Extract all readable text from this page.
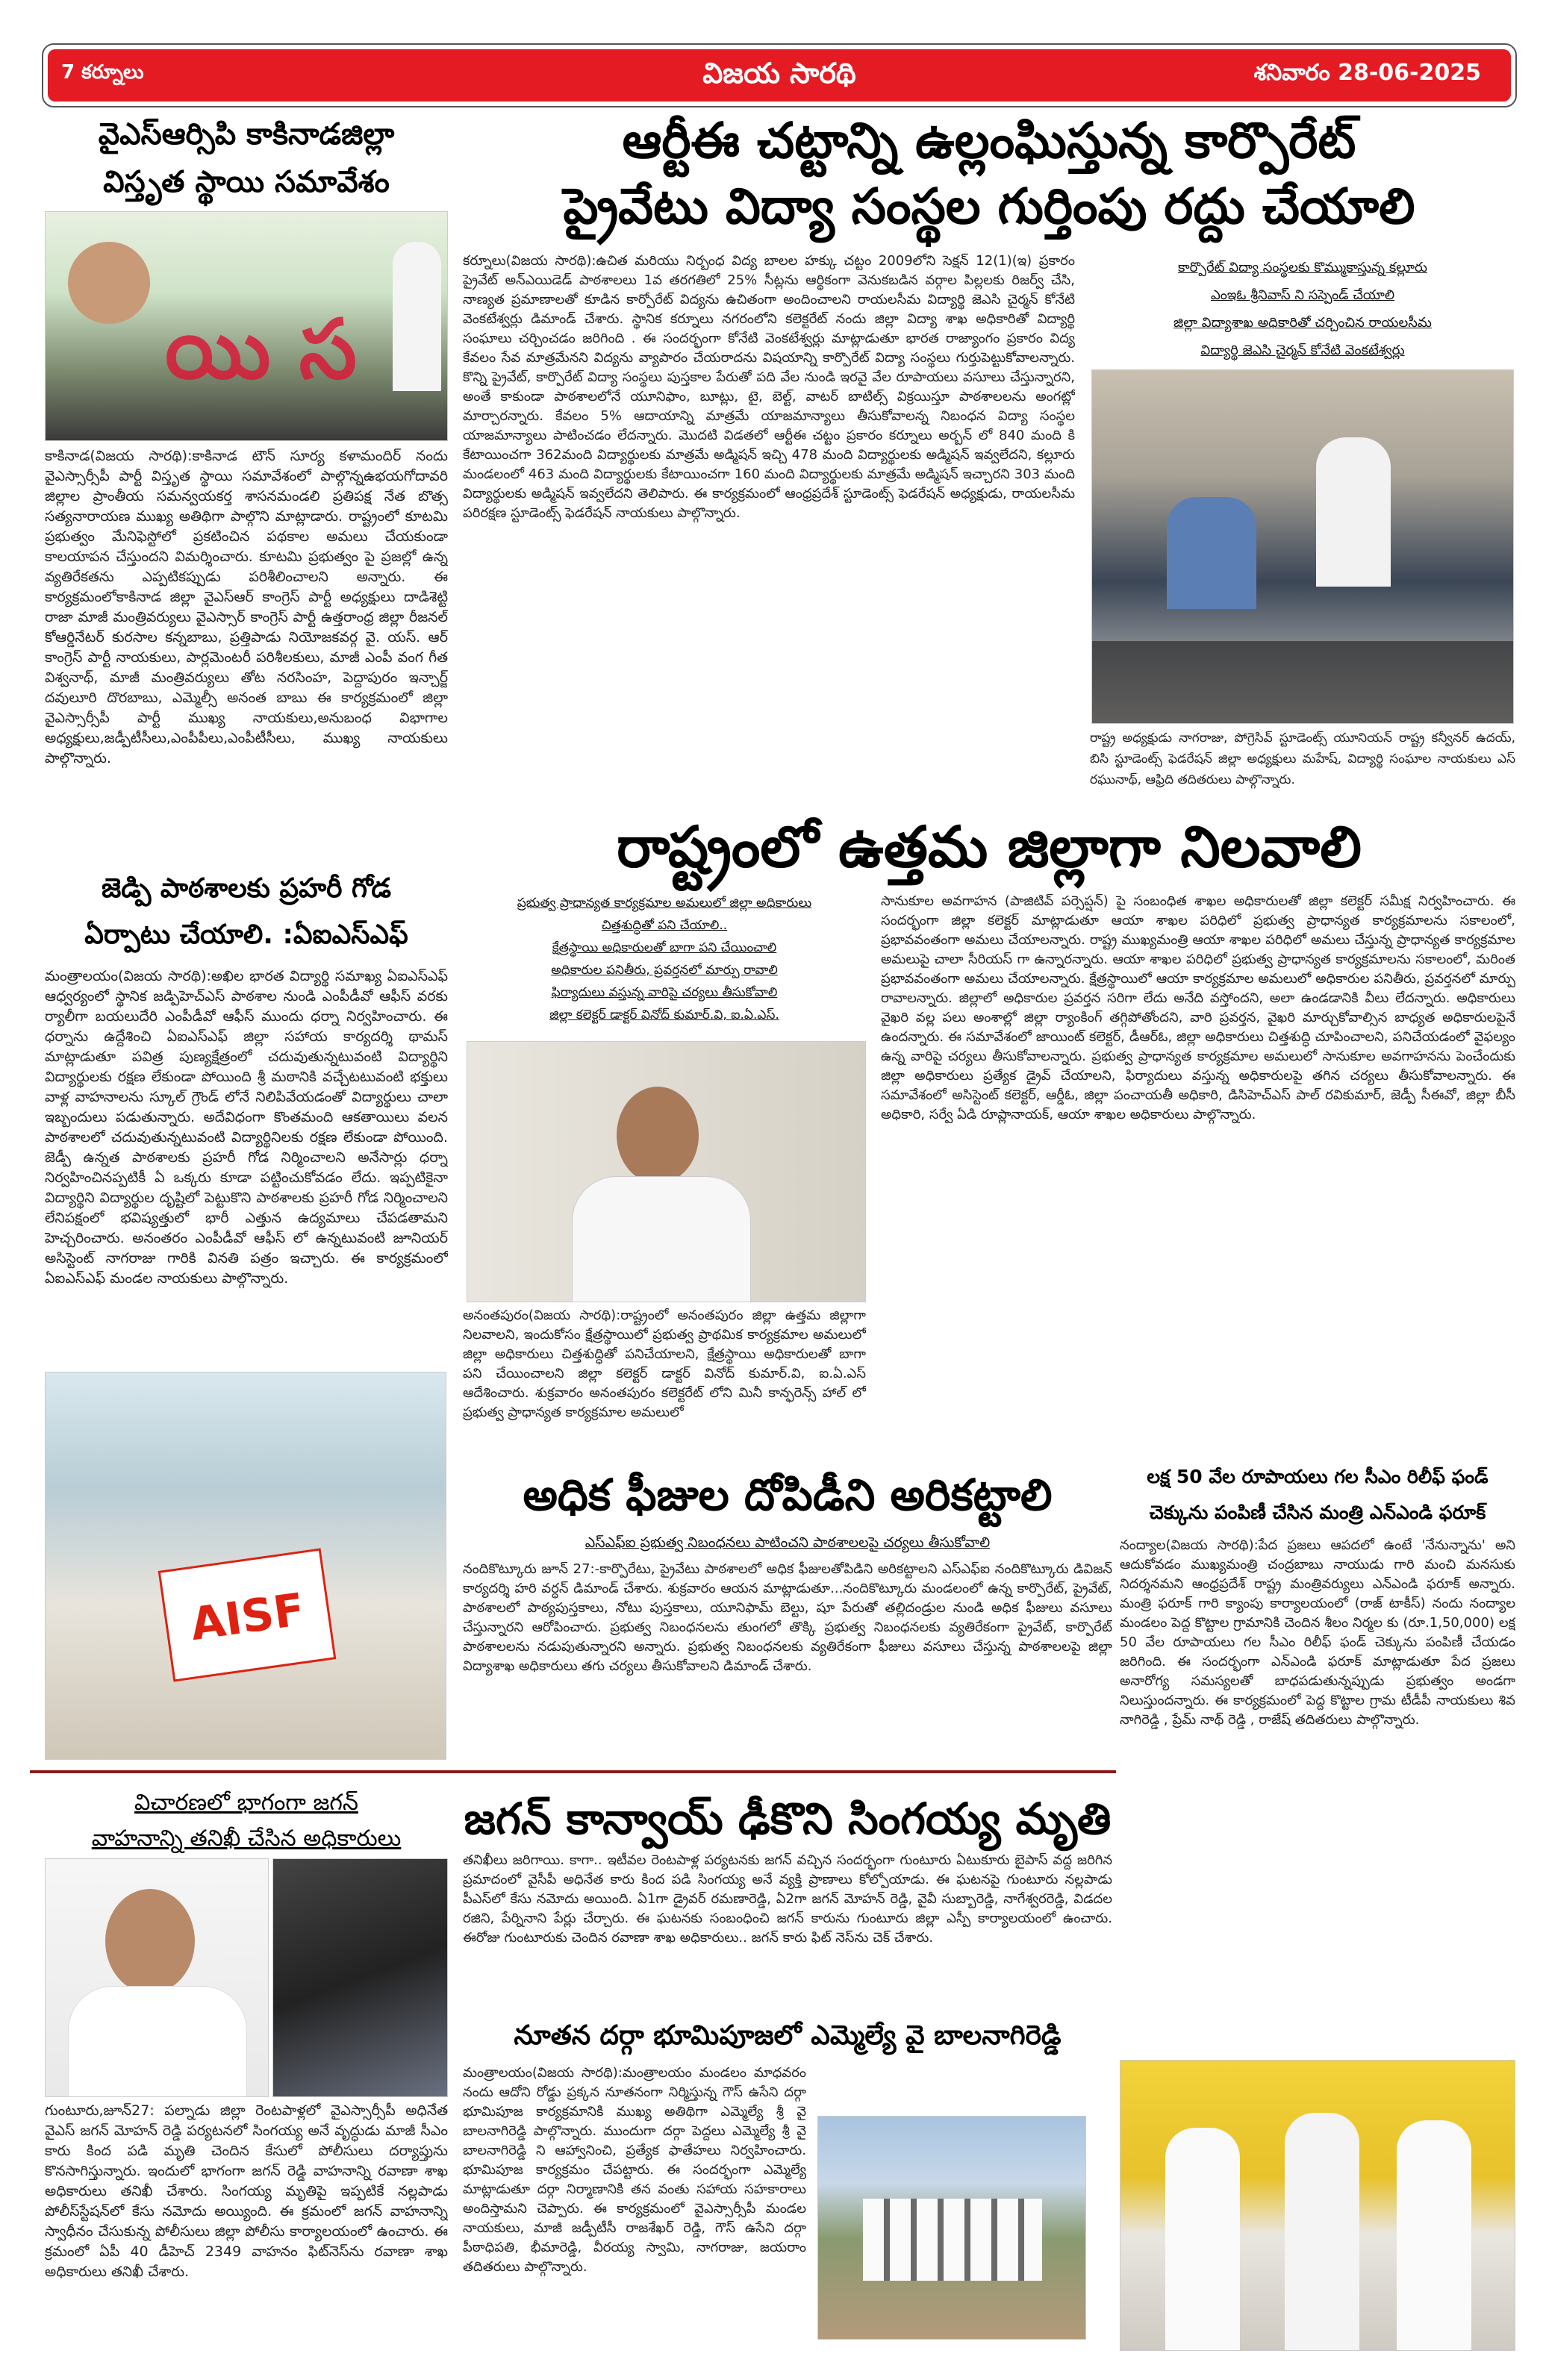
7 కర్నూలు	విజయ సారథి	శనివారం 28-06-2025
వైఎస్ఆర్సిపి కాకినాడజిల్లా
విస్తృత స్థాయి సమావేశం
యి స
కాకినాడ(విజయ సారథి):కాకినాడ టౌన్ సూర్య కళామందిర్ నందు వైఎస్సార్సీపీ పార్టీ విస్తృత స్థాయి సమావేశంలో పాల్గొన్నఉభయగోదావరి జిల్లాల ప్రాంతీయ సమన్వయకర్త శాసనమండలి ప్రతిపక్ష నేత బొత్స సత్యనారాయణ ముఖ్య అతిథిగా పాల్గొని మాట్లాడారు. రాష్ట్రంలో కూటమి ప్రభుత్వం మేనిఫెస్టోలో ప్రకటించిన పథకాల అమలు చేయకుండా కాలయాపన చేస్తుందని విమర్శించారు. కూటమి ప్రభుత్వం పై ప్రజల్లో ఉన్న వ్యతిరేకతను ఎప్పటికప్పుడు పరిశీలించాలని అన్నారు. ఈ కార్యక్రమంలోకాకినాడ జిల్లా వైఎస్ఆర్ కాంగ్రెస్ పార్టీ అధ్యక్షులు దాడిశెట్టి రాజా మాజీ మంత్రివర్యులు వైఎస్సార్ కాంగ్రెస్ పార్టీ ఉత్తరాంధ్ర జిల్లా రీజనల్ కోఆర్డినేటర్ కురసాల కన్నబాబు, ప్రత్తిపాడు నియోజకవర్గ వై. యస్. ఆర్ కాంగ్రెస్ పార్టీ నాయకులు, పార్లమెంటరీ పరిశీలకులు, మాజీ ఎంపీ వంగ గీత విశ్వనాథ్, మాజీ మంత్రివర్యులు తోట నరసింహ, పెద్దాపురం ఇన్చార్జ్ దవులూరి దొరబాబు, ఎమ్మెల్సీ అనంత బాబు ఈ కార్యక్రమంలో జిల్లా వైఎస్సార్సీపీ పార్టీ ముఖ్య నాయకులు,అనుబంధ విభాగాల అధ్యక్షులు,జడ్పీటీసీలు,ఎంపీపీలు,ఎంపీటీసీలు, ముఖ్య నాయకులు పాల్గొన్నారు.
జెడ్పి పాఠశాలకు ప్రహరీ గోడ
ఏర్పాటు చేయాలి. :ఏఐఎస్ఎఫ్
మంత్రాలయం(విజయ సారథి):అఖిల భారత విద్యార్థి సమాఖ్య ఏఐఎస్ఎఫ్ ఆధ్వర్యంలో స్థానిక జడ్పిహెచ్ఎస్ పాఠశాల నుండి ఎంపీడీవో ఆఫీస్ వరకు ర్యాలీగా బయలుదేరి ఎంపీడీవో ఆఫీస్ ముందు ధర్నా నిర్వహించారు. ఈ ధర్నాను ఉద్దేశించి ఏఐఎస్ఎఫ్ జిల్లా సహాయ కార్యదర్శి థామస్ మాట్లాడుతూ పవిత్ర పుణ్యక్షేత్రంలో చదువుతున్నటువంటి విద్యార్థిని విద్యార్థులకు రక్షణ లేకుండా పోయింది శ్రీ మఠానికి వచ్చేటటువంటి భక్తులు వాళ్ల వాహనాలను స్కూల్ గ్రౌండ్ లోనే నిలిపివేయడంతో విద్యార్థులు చాలా ఇబ్బందులు పడుతున్నారు. అదేవిధంగా కొంతమంది ఆకతాయిలు వలన పాఠశాలలో చదువుతున్నటువంటి విద్యార్థినిలకు రక్షణ లేకుండా పోయింది. జెడ్పీ ఉన్నత పాఠశాలకు ప్రహరీ గోడ నిర్మించాలని అనేసార్లు ధర్నా నిర్వహించినప్పటికీ ఏ ఒక్కరు కూడా పట్టించుకోవడం లేదు. ఇప్పటికైనా విద్యార్థిని విద్యార్థుల దృష్టిలో పెట్టుకొని పాఠశాలకు ప్రహరీ గోడ నిర్మించాలని లేనిపక్షంలో భవిష్యత్తులో భారీ ఎత్తున ఉద్యమాలు చేపడతామని హెచ్చరించారు. అనంతరం ఎంపీడీవో ఆఫీస్ లో ఉన్నటువంటి జూనియర్ అసిస్టెంట్ నాగరాజు గారికి వినతి పత్రం ఇచ్చారు. ఈ కార్యక్రమంలో ఏఐఎస్ఎఫ్ మండల నాయకులు పాల్గొన్నారు.
AISF
విచారణలో భాగంగా జగన్
వాహనాన్ని తనిఖీ చేసిన అధికారులు
గుంటూరు,జూన్27: పల్నాడు జిల్లా రెంటపాళ్లలో వైఎస్సార్సీపీ అధినేత వైఎస్ జగన్ మోహన్ రెడ్డి పర్యటనలో సింగయ్య అనే వృద్ధుడు మాజీ సీఎం కారు కింద పడి మృతి చెందిన కేసులో పోలీసులు దర్యాప్తును కొనసాగిస్తున్నారు. ఇందులో భాగంగా జగన్ రెడ్డి వాహనాన్ని రవాణా శాఖ అధికారులు తనిఖీ చేశారు. సింగయ్య మృతిపై ఇప్పటికే నల్లపాడు పోలీస్‌స్టేషన్‌లో కేసు నమోదు అయ్యింది. ఈ క్రమంలో జగన్ వాహనాన్ని స్వాధీనం చేసుకున్న పోలీసులు జిల్లా పోలీసు కార్యాలయంలో ఉంచారు. ఈ క్రమంలో ఏపీ 40 డీహెచ్ 2349 వాహనం ఫిట్‌నెస్‌ను రవాణా శాఖ అధికారులు తనిఖీ చేశారు.
ఆర్టీఈ చట్టాన్ని ఉల్లంఘిస్తున్న కార్పొరేట్
ప్రైవేటు విద్యా సంస్థల గుర్తింపు రద్దు చేయాలి
కర్నూలు(విజయ సారథి):ఉచిత మరియు నిర్బంధ విద్య బాలల హక్కు చట్టం 2009లోని సెక్షన్ 12(1)(ఇ) ప్రకారం ప్రైవేట్ అన్ఎయిడెడ్ పాఠశాలలు 1వ తరగతిలో 25% సీట్లను ఆర్థికంగా వెనుకబడిన వర్గాల పిల్లలకు రిజర్వ్ చేసి, నాణ్యత ప్రమాణాలతో కూడిన కార్పోరేట్ విద్యను ఉచితంగా అందించాలని రాయలసీమ విద్యార్థి జెఎసి చైర్మన్ కోనేటి వెంకటేశ్వర్లు డిమాండ్ చేశారు. స్థానిక కర్నూలు నగరంలోని కలెక్టరేట్ నందు జిల్లా విద్యా శాఖ అధికారితో విద్యార్థి సంఘాలు చర్చించడం జరిగింది . ఈ సందర్భంగా కోనేటి వెంకటేశ్వర్లు మాట్లాడుతూ భారత రాజ్యాంగం ప్రకారం విద్య కేవలం సేవ మాత్రమేనని విద్యను వ్యాపారం చేయరాదను విషయాన్ని కార్పొరేట్ విద్యా సంస్థలు గుర్తుపెట్టుకోవాలన్నారు. కొన్ని ప్రైవేట్, కార్పొరేట్ విద్యా సంస్థలు పుస్తకాల పేరుతో పది వేల నుండి ఇరవై వేల రూపాయలు వసూలు చేస్తున్నారని, అంతే కాకుండా పాఠశాలలోనే యూనిఫాం, బూట్లు, టై, బెల్ట్, వాటర్ బాటిల్స్ విక్రయిస్తూ పాఠశాలలను అంగట్లో మార్చారన్నారు. కేవలం 5% ఆదాయాన్ని మాత్రమే యాజమాన్యాలు తీసుకోవాలన్న నిబంధన విద్యా సంస్థల యాజమాన్యాలు పాటించడం లేదన్నారు. మొదటి విడతలో ఆర్టీఈ చట్టం ప్రకారం కర్నూలు అర్బన్ లో 840 మంది కి కేటాయించగా 362మంది విద్యార్థులకు మాత్రమే అడ్మిషన్ ఇచ్చి 478 మంది విద్యార్థులకు అడ్మిషన్ ఇవ్వలేదని, కల్లూరు మండలంలో 463 మంది విద్యార్థులకు కేటాయించగా 160 మంది విద్యార్థులకు మాత్రమే అడ్మిషన్ ఇచ్చారని 303 మంది విద్యార్థులకు అడ్మిషన్ ఇవ్వలేదని తెలిపారు. ఈ కార్యక్రమంలో ఆంధ్రప్రదేశ్ స్టూడెంట్స్ ఫెడరేషన్ అధ్యక్షుడు, రాయలసీమ పరిరక్షణ స్టూడెంట్స్ ఫెడరేషన్ నాయకులు పాల్గొన్నారు.
కార్పొరేట్ విద్యా సంస్థలకు కొమ్ముకాస్తున్న కల్లూరు
ఎంఇఓ శ్రీనివాస్ ని సస్పెండ్ చేయాలి
జిల్లా విద్యాశాఖ అధికారితో చర్చించిన రాయలసీమ
విద్యార్థి జెఎసి చైర్మన్ కోనేటి వెంకటేశ్వర్లు
రాష్ట్ర అధ్యక్షుడు నాగరాజు, పోగ్రెసివ్ స్టూడెంట్స్ యూనియన్ రాష్ట్ర కన్వీనర్ ఉదయ్, బిసి స్టూడెంట్స్ ఫెడరేషన్ జిల్లా అధ్యక్షులు మహేష్, విద్యార్థి సంఘాల నాయకులు ఎస్ రఘునాథ్, ఆఫ్రిది తదితరులు పాల్గొన్నారు.
రాష్ట్రంలో ఉత్తమ జిల్లాగా నిలవాలి
ప్రభుత్వ ప్రాధాన్యత కార్యక్రమాల అమలులో జిల్లా అధికారులు
చిత్తశుద్ధితో పని చేయాలి..
క్షేత్రస్థాయి అధికారులతో బాగా పని చేయించాలి
అధికారుల పనితీరు, ప్రవర్తనలో మార్పు రావాలి
ఫిర్యాదులు వస్తున్న వారిపై చర్యలు తీసుకోవాలి
జిల్లా కలెక్టర్ డాక్టర్ వినోద్ కుమార్.వి, ఐ.ఏ.ఎస్.
అనంతపురం(విజయ సారథి):రాష్ట్రంలో అనంతపురం జిల్లా ఉత్తమ జిల్లాగా నిలవాలని, ఇందుకోసం క్షేత్రస్థాయిలో ప్రభుత్వ ప్రాథమిక కార్యక్రమాల అమలులో జిల్లా అధికారులు చిత్తశుద్ధితో పనిచేయాలని, క్షేత్రస్థాయి అధికారులతో బాగా పని చేయించాలని జిల్లా కలెక్టర్ డాక్టర్ వినోద్ కుమార్.వి, ఐ.ఏ.ఎస్ ఆదేశించారు. శుక్రవారం అనంతపురం కలెక్టరేట్ లోని మినీ కాన్ఫరెన్స్ హాల్ లో ప్రభుత్వ ప్రాధాన్యత కార్యక్రమాల అమలులో
సానుకూల అవగాహన (పాజిటివ్ పర్సెప్షన్) పై సంబంధిత శాఖల అధికారులతో జిల్లా కలెక్టర్ సమీక్ష నిర్వహించారు. ఈ సందర్భంగా జిల్లా కలెక్టర్ మాట్లాడుతూ ఆయా శాఖల పరిధిలో ప్రభుత్వ ప్రాధాన్యత కార్యక్రమాలను సకాలంలో, ప్రభావవంతంగా అమలు చేయాలన్నారు. రాష్ట్ర ముఖ్యమంత్రి ఆయా శాఖల పరిధిలో అమలు చేస్తున్న ప్రాధాన్యత కార్యక్రమాల అమలుపై చాలా సీరియస్ గా ఉన్నారన్నారు. ఆయా శాఖల పరిధిలో ప్రభుత్వ ప్రాధాన్యత కార్యక్రమాలను సకాలంలో, మరింత ప్రభావవంతంగా అమలు చేయాలన్నారు. క్షేత్రస్థాయిలో ఆయా కార్యక్రమాల అమలులో అధికారుల పనితీరు, ప్రవర్తనలో మార్పు రావాలన్నారు. జిల్లాలో అధికారుల ప్రవర్తన సరిగా లేదు అనేది వస్తోందని, అలా ఉండడానికి వీలు లేదన్నారు. అధికారులు వైఖరి వల్ల పలు అంశాల్లో జిల్లా ర్యాంకింగ్ తగ్గిపోతోందని, వారి ప్రవర్తన, వైఖరి మార్చుకోవాల్సిన బాధ్యత అధికారులపైనే ఉందన్నారు. ఈ సమావేశంలో జాయింట్ కలెక్టర్, డీఆర్ఓ, జిల్లా అధికారులు చిత్తశుద్ధి చూపించాలని, పనిచేయడంలో వైఫల్యం ఉన్న వారిపై చర్యలు తీసుకోవాలన్నారు. ప్రభుత్వ ప్రాధాన్యత కార్యక్రమాల అమలులో సానుకూల అవగాహనను పెంచేందుకు జిల్లా అధికారులు ప్రత్యేక డ్రైవ్ చేయాలని, ఫిర్యాదులు వస్తున్న అధికారులపై తగిన చర్యలు తీసుకోవాలన్నారు. ఈ సమావేశంలో అసిస్టెంట్ కలెక్టర్, ఆర్డీఓ, జిల్లా పంచాయతీ అధికారి, డిసిహెచ్ఎస్ పాల్ రవికుమార్, జెడ్పీ సీఈవో, జిల్లా బీసీ అధికారి, సర్వే ఏడి రూప్లానాయక్, ఆయా శాఖల అధికారులు పాల్గొన్నారు.
అధిక ఫీజుల దోపిడీని అరికట్టాలి
ఎస్ఎఫ్ఐ ప్రభుత్వ నిబంధనలు పాటించని పాఠశాలలపై చర్యలు తీసుకోవాలి
నందికొట్కూరు జూన్ 27:-కార్పొరేటు, ప్రైవేటు పాఠశాలలో అధిక ఫీజులతోపిడిని అరికట్టాలని ఎస్ఎఫ్ఐ నందికొట్కూరు డివిజన్ కార్యదర్శి హరి వర్ధన్ డిమాండ్ చేశారు. శుక్రవారం ఆయన మాట్లాడుతూ...నందికొట్కూరు మండలంలో ఉన్న కార్పొరేట్, ప్రైవేట్, పాఠశాలలో పాఠ్యపుస్తకాలు, నోటు పుస్తకాలు, యూనిఫామ్ బెల్టు, షూ పేరుతో తల్లిదండ్రుల నుండి అధిక ఫీజులు వసూలు చేస్తున్నారని ఆరోపించారు. ప్రభుత్వ నిబంధనలను తుంగలో తొక్కి ప్రభుత్వ నిబంధనలకు వ్యతిరేకంగా ప్రైవేట్, కార్పొరేట్ పాఠశాలలను నడుపుతున్నారని అన్నారు. ప్రభుత్వ నిబంధనలకు వ్యతిరేకంగా ఫీజులు వసూలు చేస్తున్న పాఠశాలలపై జిల్లా విద్యాశాఖ అధికారులు తగు చర్యలు తీసుకోవాలని డిమాండ్ చేశారు.
లక్ష 50 వేల రూపాయలు గల సీఎం రిలీఫ్ ఫండ్
చెక్కును పంపిణీ చేసిన మంత్రి ఎన్ఎండి ఫరూక్
నంద్యాల(విజయ సారథి):పేద ప్రజలు ఆపదలో ఉంటే 'నేనున్నాను' అని ఆదుకోవడం ముఖ్యమంత్రి చంద్రబాబు నాయుడు గారి మంచి మనసుకు నిదర్శనమని ఆంధ్రప్రదేశ్ రాష్ట్ర మంత్రివర్యులు ఎన్ఎండి ఫరూక్ అన్నారు. మంత్రి ఫరూక్ గారి క్యాంపు కార్యాలయంలో (రాజ్ టాకీస్) నందు నంద్యాల మండలం పెద్ద కొట్టాల గ్రామానికి చెందిన శీలం నిర్మల కు (రూ.1,50,000) లక్ష 50 వేల రూపాయలు గల సీఎం రిలీఫ్ ఫండ్ చెక్కును పంపిణీ చేయడం జరిగింది. ఈ సందర్భంగా ఎన్ఎండి ఫరూక్ మాట్లాడుతూ పేద ప్రజలు అనారోగ్య సమస్యలతో బాధపడుతున్నప్పుడు ప్రభుత్వం అండగా నిలుస్తుందన్నారు. ఈ కార్యక్రమంలో పెద్ద కొట్టాల గ్రామ టీడీపీ నాయకులు శివ నాగిరెడ్డి , ప్రేమ్ నాథ్ రెడ్డి , రాజేష్ తదితరులు పాల్గొన్నారు.
జగన్ కాన్వాయ్ ఢీకొని సింగయ్య మృతి
తనిఖీలు జరిగాయి. కాగా.. ఇటీవల రెంటపాళ్ల పర్యటనకు జగన్ వచ్చిన సందర్భంగా గుంటూరు ఏటుకూరు బైపాస్ వద్ద జరిగిన ప్రమాదంలో వైసీపీ అధినేత కారు కింద పడి సింగయ్య అనే వ్యక్తి ప్రాణాలు కోల్పోయాడు. ఈ ఘటనపై గుంటూరు నల్లపాడు పీఎస్‌లో కేసు నమోదు అయింది. ఏ1గా డ్రైవర్ రమణారెడ్డి, ఏ2గా జగన్ మోహన్ రెడ్డి, వైవీ సుబ్బారెడ్డి, నాగేశ్వరరెడ్డి, విడదల రజిని, పేర్నినాని పేర్లు చేర్చారు. ఈ ఘటనకు సంబంధించి జగన్ కారును గుంటూరు జిల్లా ఎస్పీ కార్యాలయంలో ఉంచారు. ఈరోజు గుంటూరుకు చెందిన రవాణా శాఖ అధికారులు.. జగన్ కారు ఫిట్ నెస్‌ను చెక్ చేశారు.
నూతన దర్గా భూమిపూజలో ఎమ్మెల్యే వై బాలనాగిరెడ్డి
మంత్రాలయం(విజయ సారథి):మంత్రాలయం మండలం మాధవరం నందు ఆదోని రోడ్డు ప్రక్కన నూతనంగా నిర్మిస్తున్న గౌస్ ఉసేని దర్గా భూమిపూజ కార్యక్రమానికి ముఖ్య అతిథిగా ఎమ్మెల్యే శ్రీ వై బాలనాగిరెడ్డి పాల్గొన్నారు. ముందుగా దర్గా పెద్దలు ఎమ్మెల్యే శ్రీ వై బాలనాగిరెడ్డి ని ఆహ్వానించి, ప్రత్యేక ఫాతేహలు నిర్వహించారు. భూమిపూజ కార్యక్రమం చేపట్టారు. ఈ సందర్భంగా ఎమ్మెల్యే మాట్లాడుతూ దర్గా నిర్మాణానికి తన వంతు సహాయ సహకారాలు అందిస్తామని చెప్పారు. ఈ కార్యక్రమంలో వైఎస్సార్సీపీ మండల నాయకులు, మాజీ జడ్పీటీసీ రాజశేఖర్ రెడ్డి, గౌస్ ఉసేని దర్గా పీఠాధిపతి, భీమారెడ్డి, వీరయ్య స్వామి, నాగరాజు, జయరాం తదితరులు పాల్గొన్నారు.
